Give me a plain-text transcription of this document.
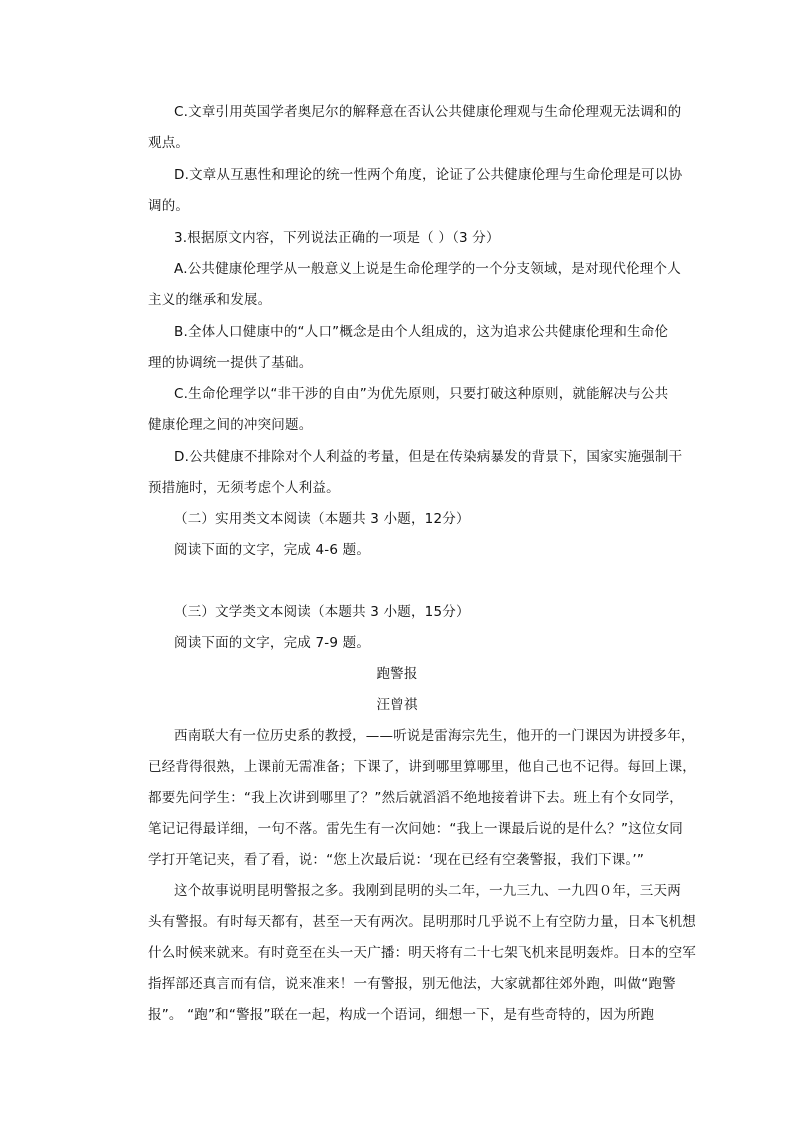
C.文章引用英国学者奥尼尔的解释意在否认公共健康伦理观与生命伦理观无法调和的
观点。
D.文章从互惠性和理论的统一性两个角度，论证了公共健康伦理与生命伦理是可以协
调的。
3.根据原文内容，下列说法正确的一项是（ ）（3 分）
A.公共健康伦理学从一般意义上说是生命伦理学的一个分支领域，是对现代伦理个人
主义的继承和发展。
B.全体人口健康中的“人口”概念是由个人组成的，这为追求公共健康伦理和生命伦
理的协调统一提供了基础。
C.生命伦理学以“非干涉的自由”为优先原则，只要打破这种原则，就能解决与公共
健康伦理之间的冲突问题。
D.公共健康不排除对个人利益的考量，但是在传染病暴发的背景下，国家实施强制干
预措施时，无须考虑个人利益。
（二）实用类文本阅读（本题共 3 小题，12分）
阅读下面的文字，完成 4-6 题。
（三）文学类文本阅读（本题共 3 小题，15分）
阅读下面的文字，完成 7-9 题。
跑警报
汪曾祺
西南联大有一位历史系的教授，——听说是雷海宗先生，他开的一门课因为讲授多年，
已经背得很熟，上课前无需准备；下课了，讲到哪里算哪里，他自己也不记得。每回上课，
都要先问学生：“我上次讲到哪里了？”然后就滔滔不绝地接着讲下去。班上有个女同学，
笔记记得最详细，一句不落。雷先生有一次问她：“我上一课最后说的是什么？”这位女同
学打开笔记夹，看了看，说：“您上次最后说：‘现在已经有空袭警报，我们下课。’”
这个故事说明昆明警报之多。我刚到昆明的头二年，一九三九、一九四０年，三天两
头有警报。有时每天都有，甚至一天有两次。昆明那时几乎说不上有空防力量，日本飞机想
什么时候来就来。有时竟至在头一天广播：明天将有二十七架飞机来昆明轰炸。日本的空军
指挥部还真言而有信，说来准来！一有警报，别无他法，大家就都往郊外跑，叫做“跑警
报”。 “跑”和“警报”联在一起，构成一个语词，细想一下，是有些奇特的，因为所跑
